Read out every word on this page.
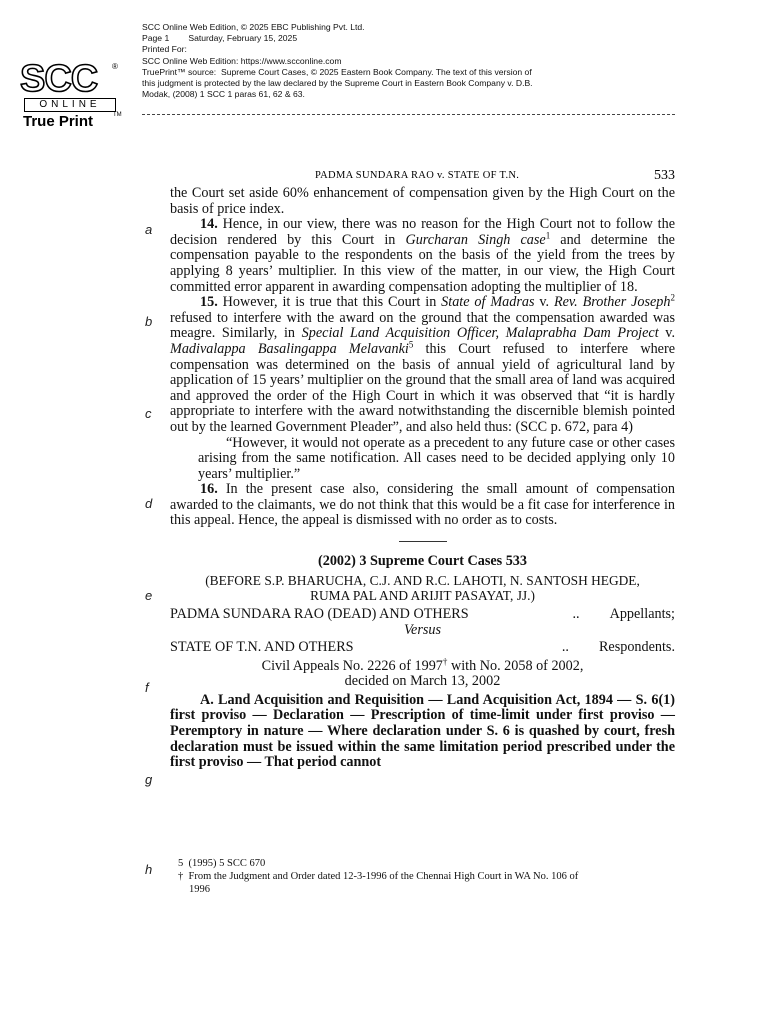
SCC	®
ONLINE
True Print	TM
SCC Online Web Edition, © 2025 EBC Publishing Pvt. Ltd.
Page 1        Saturday, February 15, 2025
Printed For:
SCC Online Web Edition: https://www.scconline.com
TruePrint™ source:  Supreme Court Cases, © 2025 Eastern Book Company. The text of this version of
this judgment is protected by the law declared by the Supreme Court in Eastern Book Company v. D.B.
Modak, (2008) 1 SCC 1 paras 61, 62 & 63.
PADMA SUNDARA RAO v. STATE OF T.N.	533
a
b
c
d
e
f
g
h

the Court set aside 60% enhancement of compensation given by the High Court on the basis of price index.

14. Hence, in our view, there was no reason for the High Court not to follow the decision rendered by this Court in Gurcharan Singh case$^1$ and determine the compensation payable to the respondents on the basis of the yield from the trees by applying 8 years’ multiplier. In this view of the matter, in our view, the High Court committed error apparent in awarding compensation adopting the multiplier of 18.

15. However, it is true that this Court in State of Madras v. Rev. Brother Joseph$^2$ refused to interfere with the award on the ground that the compensation awarded was meagre. Similarly, in Special Land Acquisition Officer, Malaprabha Dam Project v. Madivalappa Basalingappa Melavanki$^5$ this Court refused to interfere where compensation was determined on the basis of annual yield of agricultural land by application of 15 years’ multiplier on the ground that the small area of land was acquired and approved the order of the High Court in which it was observed that “it is hardly appropriate to interfere with the award notwithstanding the discernible blemish pointed out by the learned Government Pleader”, and also held thus: (SCC p. 672, para 4)

“However, it would not operate as a precedent to any future case or other cases arising from the same notification. All cases need to be decided applying only 10 years’ multiplier.”

16. In the present case also, considering the small amount of compensation awarded to the claimants, we do not think that this would be a fit case for interference in this appeal. Hence, the appeal is dismissed with no order as to costs.

(2002) 3 Supreme Court Cases 533

(BEFORE S.P. BHARUCHA, C.J. AND R.C. LAHOTI, N. SANTOSH HEGDE,

RUMA PAL AND ARIJIT PASAYAT, JJ.)

PADMA SUNDARA RAO (DEAD) AND OTHERS	.. Appellants;

Versus

STATE OF T.N. AND OTHERS	.. Respondents.

Civil Appeals No. 2226 of 1997† with No. 2058 of 2002,

decided on March 13, 2002

A. Land Acquisition and Requisition — Land Acquisition Act, 1894 — S. 6(1) first proviso — Declaration — Prescription of time-limit under first proviso — Peremptory in nature — Where declaration under S. 6 is quashed by court, fresh declaration must be issued within the same limitation period prescribed under the first proviso — That period cannot

5  (1995) 5 SCC 670
†  From the Judgment and Order dated 12-3-1996 of the Chennai High Court in WA No. 106 of
1996
